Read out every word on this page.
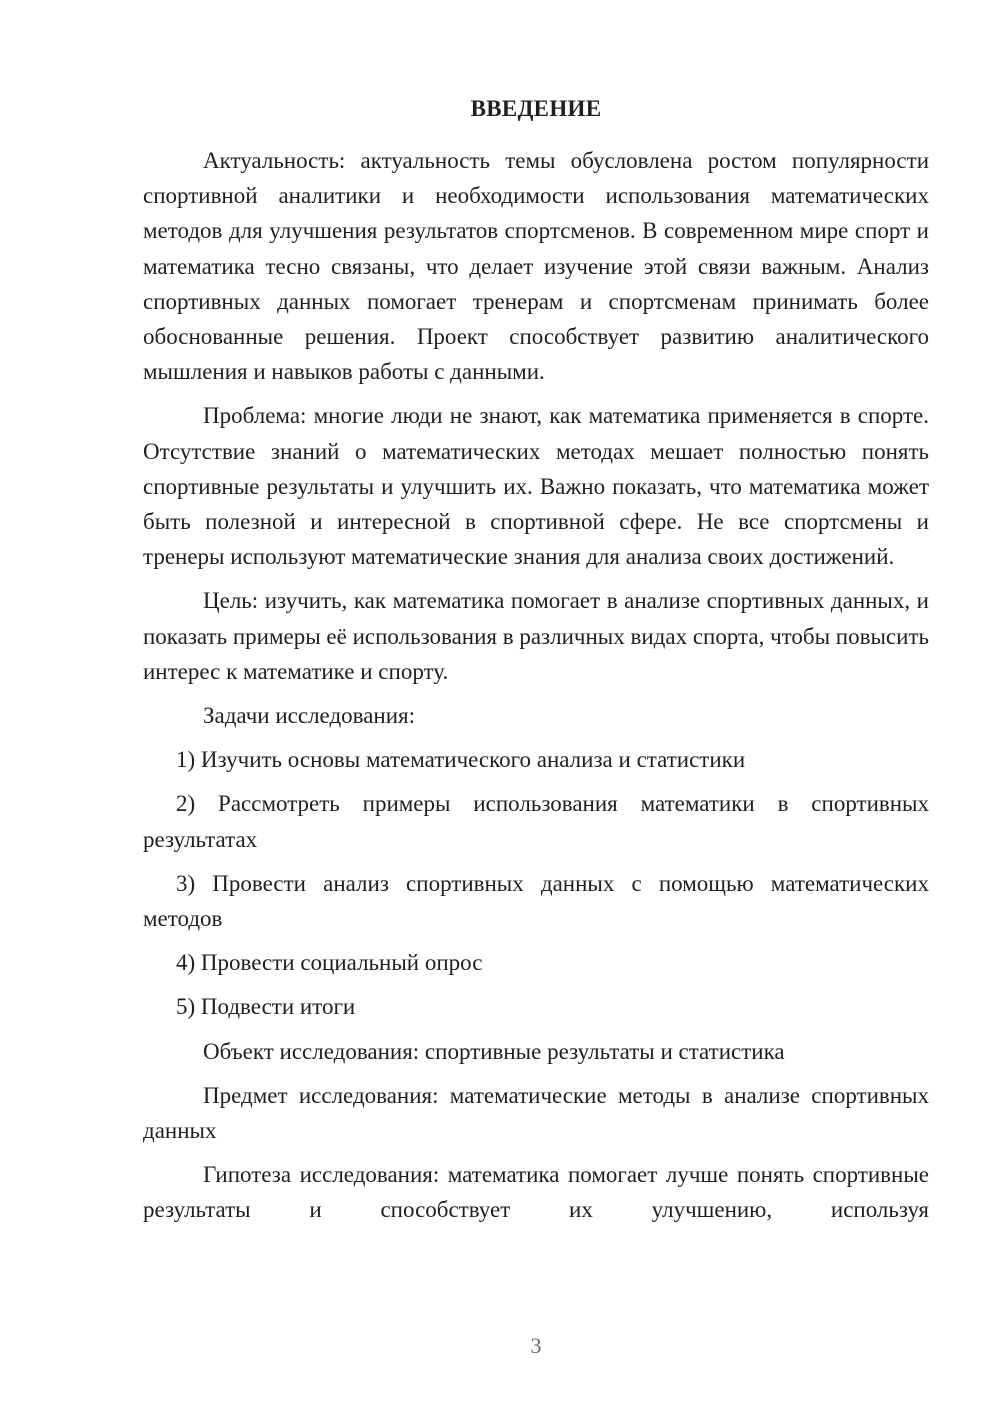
ВВЕДЕНИЕ

Актуальность: актуальность темы обусловлена ростом популярности спортивной аналитики и необходимости использования математических методов для улучшения результатов спортсменов. В современном мире спорт и математика тесно связаны, что делает изучение этой связи важным. Анализ спортивных данных помогает тренерам и спортсменам принимать более обоснованные решения. Проект способствует развитию аналитического мышления и навыков работы с данными.

Проблема: многие люди не знают, как математика применяется в спорте. Отсутствие знаний о математических методах мешает полностью понять спортивные результаты и улучшить их. Важно показать, что математика может быть полезной и интересной в спортивной сфере. Не все спортсмены и тренеры используют математические знания для анализа своих достижений.

Цель: изучить, как математика помогает в анализе спортивных данных, и показать примеры её использования в различных видах спорта, чтобы повысить интерес к математике и спорту.

Задачи исследования:

1) Изучить основы математического анализа и статистики

2) Рассмотреть примеры использования математики в спортивных результатах

3) Провести анализ спортивных данных с помощью математических методов

4) Провести социальный опрос

5) Подвести итоги

Объект исследования: спортивные результаты и статистика

Предмет исследования: математические методы в анализе спортивных данных

Гипотеза исследования: математика помогает лучше понять спортивные результаты и способствует их улучшению, используя

3
